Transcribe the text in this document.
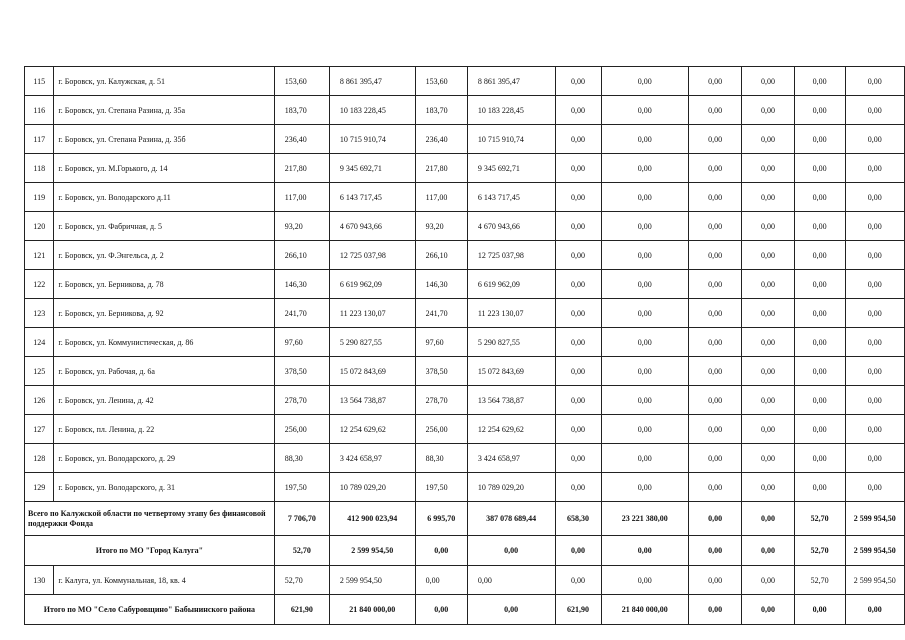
115	г. Боровск, ул. Калужская, д. 51	153,60	8 861 395,47	153,60	8 861 395,47	0,00	0,00	0,00	0,00	0,00	0,00
116	г. Боровск, ул. Степана Разина, д. 35а	183,70	10 183 228,45	183,70	10 183 228,45	0,00	0,00	0,00	0,00	0,00	0,00
117	г. Боровск, ул. Степана Разина, д. 35б	236,40	10 715 910,74	236,40	10 715 910,74	0,00	0,00	0,00	0,00	0,00	0,00
118	г. Боровск, ул. М.Горького, д. 14	217,80	9 345 692,71	217,80	9 345 692,71	0,00	0,00	0,00	0,00	0,00	0,00
119	г. Боровск, ул. Володарского д.11	117,00	6 143 717,45	117,00	6 143 717,45	0,00	0,00	0,00	0,00	0,00	0,00
120	г. Боровск, ул. Фабричная, д. 5	93,20	4 670 943,66	93,20	4 670 943,66	0,00	0,00	0,00	0,00	0,00	0,00
121	г. Боровск, ул. Ф.Энгельса, д. 2	266,10	12 725 037,98	266,10	12 725 037,98	0,00	0,00	0,00	0,00	0,00	0,00
122	г. Боровск, ул. Берникова, д. 78	146,30	6 619 962,09	146,30	6 619 962,09	0,00	0,00	0,00	0,00	0,00	0,00
123	г. Боровск, ул. Берникова, д. 92	241,70	11 223 130,07	241,70	11 223 130,07	0,00	0,00	0,00	0,00	0,00	0,00
124	г. Боровск, ул. Коммунистическая, д. 86	97,60	5 290 827,55	97,60	5 290 827,55	0,00	0,00	0,00	0,00	0,00	0,00
125	г. Боровск, ул. Рабочая, д. 6а	378,50	15 072 843,69	378,50	15 072 843,69	0,00	0,00	0,00	0,00	0,00	0,00
126	г. Боровск, ул. Ленина, д. 42	278,70	13 564 738,87	278,70	13 564 738,87	0,00	0,00	0,00	0,00	0,00	0,00
127	г. Боровск, пл. Ленина, д. 22	256,00	12 254 629,62	256,00	12 254 629,62	0,00	0,00	0,00	0,00	0,00	0,00
128	г. Боровск, ул. Володарского, д. 29	88,30	3 424 658,97	88,30	3 424 658,97	0,00	0,00	0,00	0,00	0,00	0,00
129	г. Боровск, ул. Володарского, д. 31	197,50	10 789 029,20	197,50	10 789 029,20	0,00	0,00	0,00	0,00	0,00	0,00
Всего по Калужской области по четвертому этапу без финансовой поддержки Фонда		7 706,70	412 900 023,94	6 995,70	387 078 689,44	658,30	23 221 380,00	0,00	0,00	52,70	2 599 954,50
Итого по МО "Город Калуга"		52,70	2 599 954,50	0,00	0,00	0,00	0,00	0,00	0,00	52,70	2 599 954,50
130	г. Калуга, ул. Коммунальная, 18, кв. 4	52,70	2 599 954,50	0,00	0,00	0,00	0,00	0,00	0,00	52,70	2 599 954,50
Итого по МО "Село Сабуровщино" Бабынинского района		621,90	21 840 000,00	0,00	0,00	621,90	21 840 000,00	0,00	0,00	0,00	0,00
